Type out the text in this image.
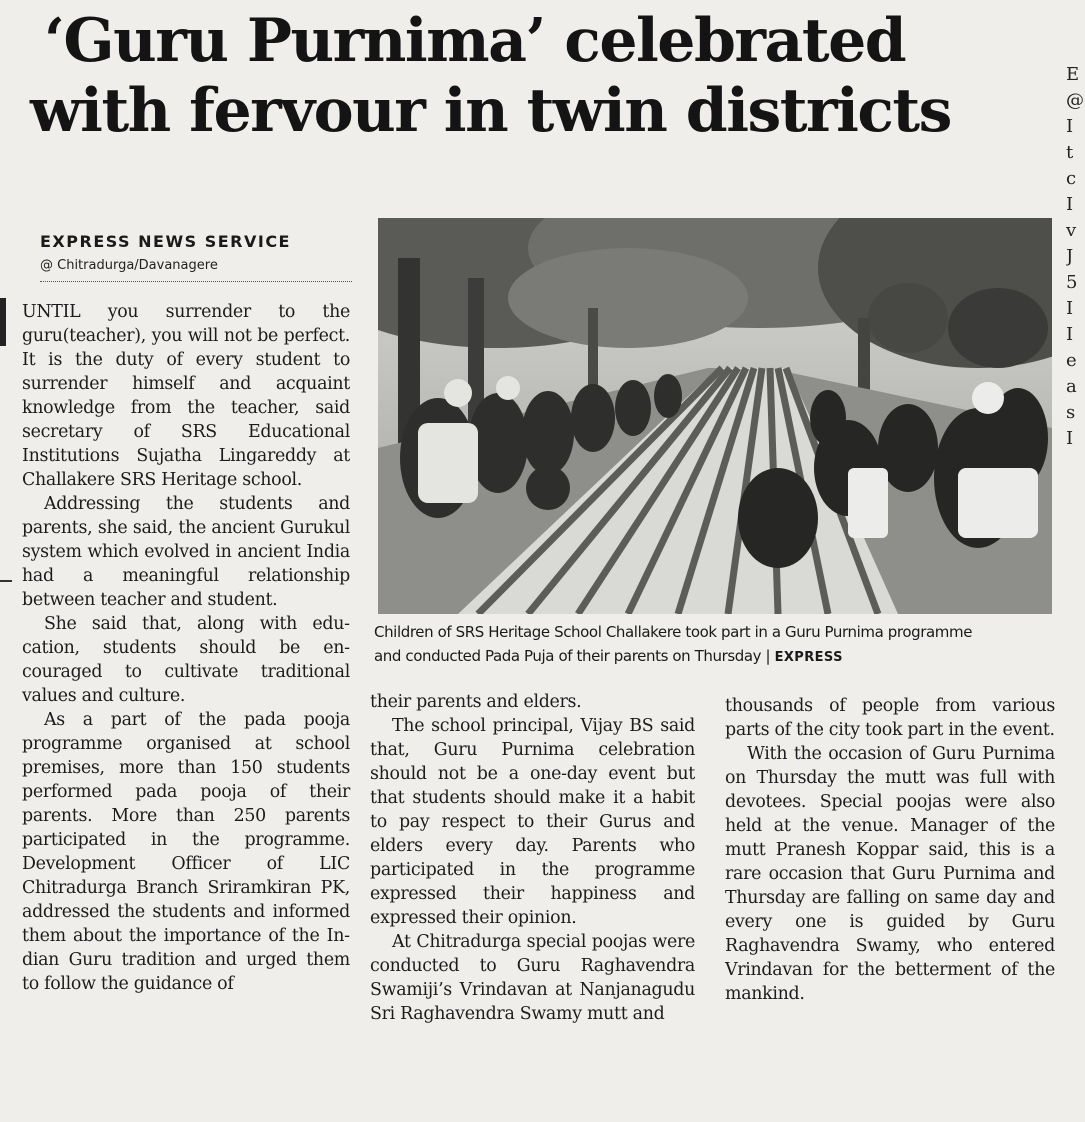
‘Guru Purnima’ celebrated
with fervour in twin districts
E
@
I
t
c
I
v
J
5
I
I
e
a
s
I
EXPRESS NEWS SERVICE
@ Chitradurga/Davanagere

UNTIL you surrender to the guru(teacher), you will not be perfect. It is the duty of every student to surrender himself and acquaint knowledge from the teacher, said secretary of SRS Educational Institutions Sujatha Lingareddy at Challakere SRS Heritage school.

Addressing the students and parents, she said, the ancient Gurukul system which evolved in ancient India had a meaningful relationship between teacher and student.

She said that, along with education, students should be encouraged to cultivate traditional values and culture.

As a part of the pada pooja programme organised at school premises, more than 150 students performed pada pooja of their parents. More than 250 parents participated in the programme. Development Officer of LIC Chitradurga Branch Sriramkiran PK, addressed the students and informed them about the importance of the Indian Guru tradition and urged them to follow the guidance of

Children of SRS Heritage School Challakere took part in a Guru Purnima programme
and conducted Pada Puja of their parents on Thursday | EXPRESS

their parents and elders.

The school principal, Vijay BS said that, Guru Purnima celebration should not be a one-day event but that students should make it a habit to pay respect to their Gurus and elders every day. Parents who participated in the programme expressed their happiness and expressed their opinion.

At Chitradurga special poojas were conducted to Guru Raghavendra Swamiji’s Vrindavan at Nanjanagudu Sri Raghavendra Swamy mutt and

thousands of people from various parts of the city took part in the event.

With the occasion of Guru Purnima on Thursday the mutt was full with devotees. Special poojas were also held at the venue. Manager of the mutt Pranesh Koppar said, this is a rare occasion that Guru Purnima and Thursday are falling on same day and every one is guided by Guru Raghavendra Swamy, who entered Vrindavan for the betterment of the mankind.
